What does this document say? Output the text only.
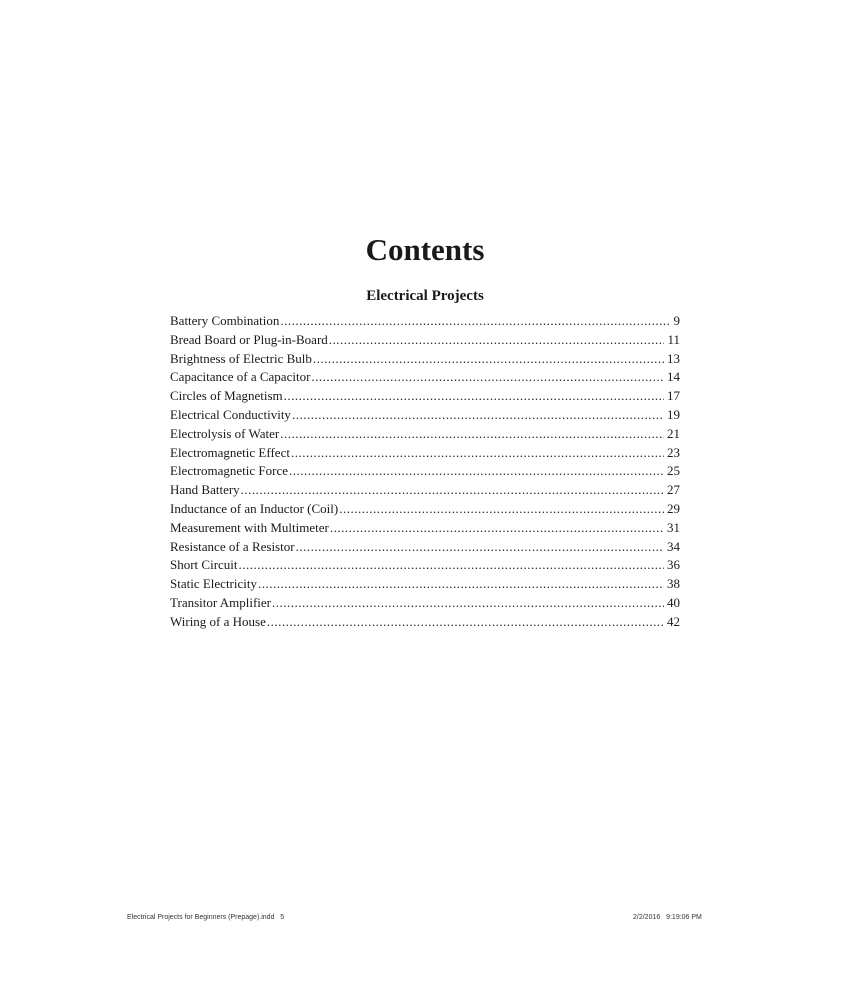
Contents
Electrical Projects
Battery Combination .....	9
Bread Board or Plug-in-Board .....	11
Brightness of Electric Bulb .....	13
Capacitance of a Capacitor .....	14
Circles of Magnetism .....	17
Electrical Conductivity .....	19
Electrolysis of Water .....	21
Electromagnetic Effect .....	23
Electromagnetic Force .....	25
Hand Battery .....	27
Inductance of an Inductor (Coil) .....	29
Measurement with Multimeter .....	31
Resistance of a Resistor .....	34
Short Circuit .....	36
Static Electricity .....	38
Transitor Amplifier .....	40
Wiring of a House .....	42
Electrical Projects for Beginners (Prepage).indd   5	2/2/2016   9:19:06 PM
